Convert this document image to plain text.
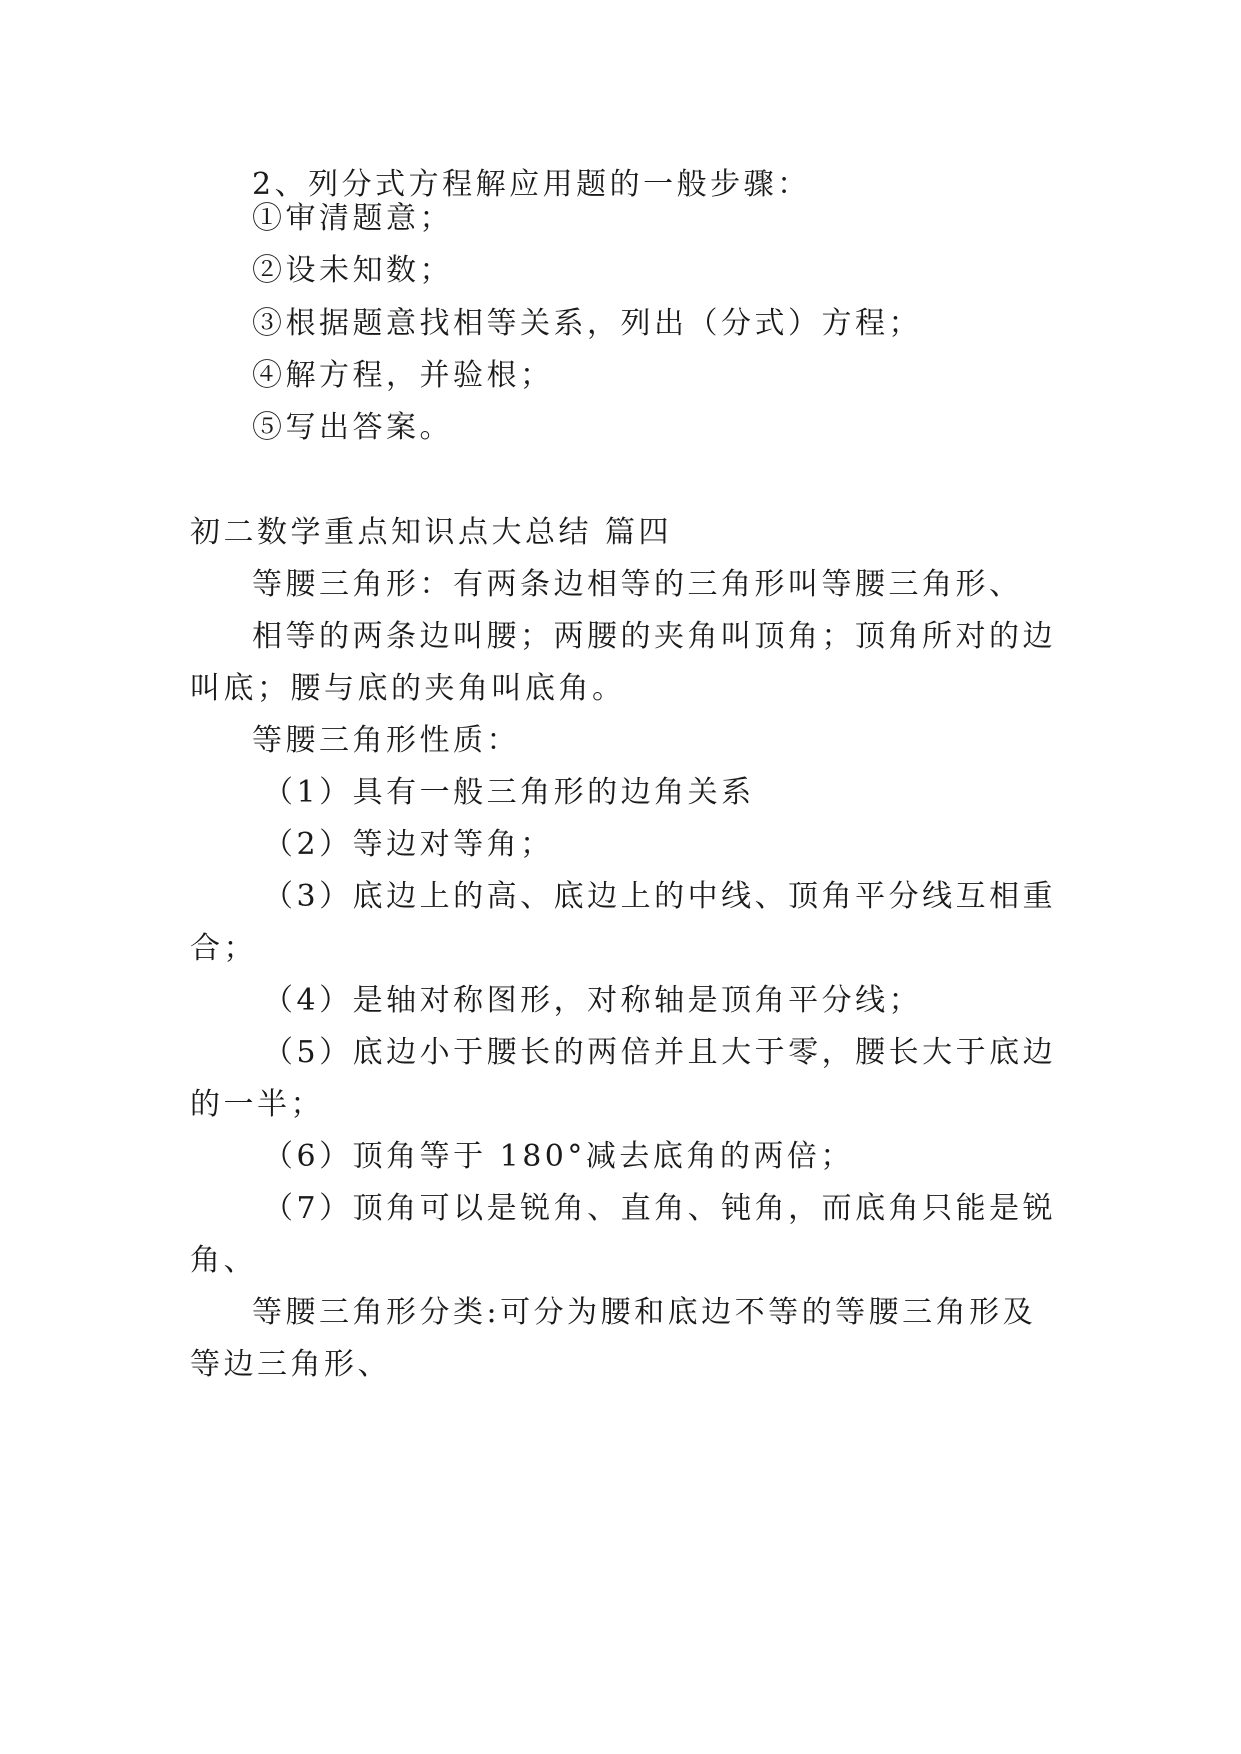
2、列分式方程解应用题的一般步骤：
①审清题意；
②设未知数；
③根据题意找相等关系，列出（分式）方程；
④解方程，并验根；
⑤写出答案。
初二数学重点知识点大总结 篇四
等腰三角形：有两条边相等的三角形叫等腰三角形、
相等的两条边叫腰；两腰的夹角叫顶角；顶角所对的边
叫底；腰与底的夹角叫底角。
等腰三角形性质：
（1）具有一般三角形的边角关系
（2）等边对等角；
（3）底边上的高、底边上的中线、顶角平分线互相重
合；
（4）是轴对称图形，对称轴是顶角平分线；
（5）底边小于腰长的两倍并且大于零，腰长大于底边
的一半；
（6）顶角等于 180°减去底角的两倍；
（7）顶角可以是锐角、直角、钝角，而底角只能是锐
角、
等腰三角形分类:可分为腰和底边不等的等腰三角形及
等边三角形、
